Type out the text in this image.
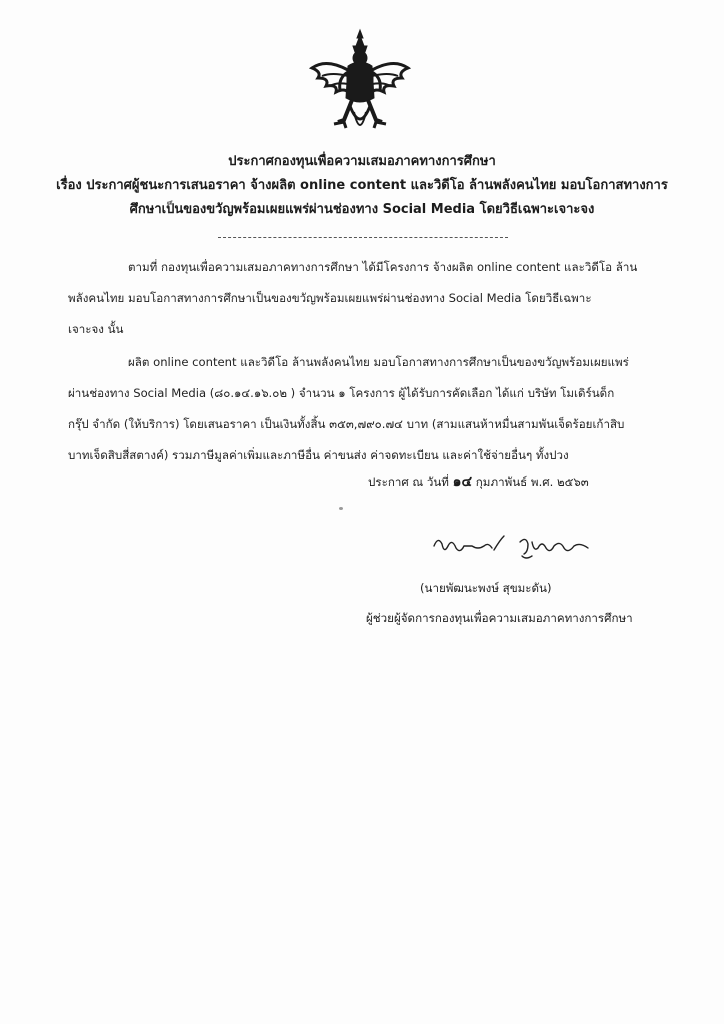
ประกาศกองทุนเพื่อความเสมอภาคทางการศึกษา
เรื่อง ประกาศผู้ชนะการเสนอราคา จ้างผลิต online content และวิดีโอ ล้านพลังคนไทย มอบโอกาสทางการ
ศึกษาเป็นของขวัญพร้อมเผยแพร่ผ่านช่องทาง Social Media โดยวิธีเฉพาะเจาะจง
ตามที่ กองทุนเพื่อความเสมอภาคทางการศึกษา ได้มีโครงการ จ้างผลิต online content และวิดีโอ ล้าน
พลังคนไทย มอบโอกาสทางการศึกษาเป็นของขวัญพร้อมเผยแพร่ผ่านช่องทาง Social Media โดยวิธีเฉพาะ
เจาะจง นั้น
ผลิต online content และวิดีโอ ล้านพลังคนไทย มอบโอกาสทางการศึกษาเป็นของขวัญพร้อมเผยแพร่
ผ่านช่องทาง Social Media (๘๐.๑๔.๑๖.๐๒ ) จำนวน ๑ โครงการ ผู้ได้รับการคัดเลือก ได้แก่ บริษัท โมเดิร์นด็ก
กรุ๊ป จำกัด (ให้บริการ) โดยเสนอราคา เป็นเงินทั้งสิ้น ๓๕๓,๗๙๐.๗๔ บาท (สามแสนห้าหมื่นสามพันเจ็ดร้อยเก้าสิบ
บาทเจ็ดสิบสี่สตางค์) รวมภาษีมูลค่าเพิ่มและภาษีอื่น ค่าขนส่ง ค่าจดทะเบียน และค่าใช้จ่ายอื่นๆ ทั้งปวง
ประกาศ ณ วันที่ ๑๔ กุมภาพันธ์ พ.ศ. ๒๕๖๓
(นายพัฒนะพงษ์ สุขมะดัน)
ผู้ช่วยผู้จัดการกองทุนเพื่อความเสมอภาคทางการศึกษา
